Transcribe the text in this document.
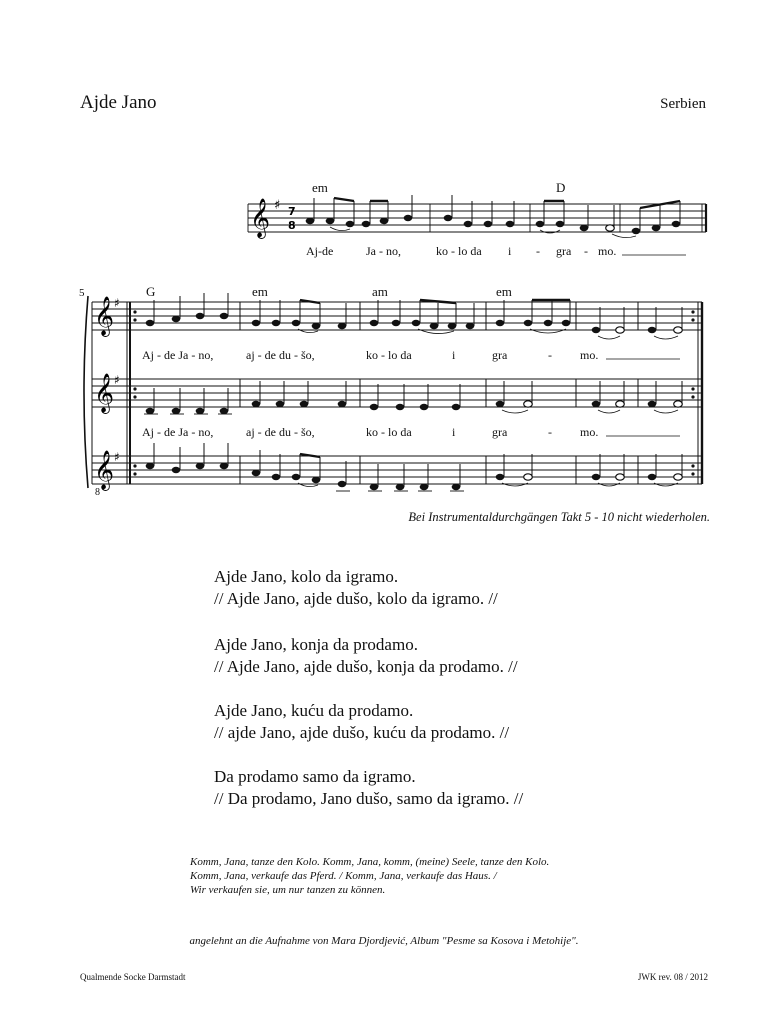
Ajde Jano	Serbien
𝄞 ♯ 7
8
𝄞
𝄞
𝄞
♯
♯
♯
em	D
Aj-de	Ja - no,	ko - lo da i - gra - mo.
5	G	em	am	em
Aj - de Ja - no,	aj - de du - šo,	ko - lo da	i	gra	- mo.
Aj - de Ja - no,	aj - de du - šo,	ko - lo da	i	gra	- mo.
8
Bei Instrumentaldurchgängen Takt 5 - 10 nicht wiederholen.
Ajde Jano, kolo da igramo.
// Ajde Jano, ajde dušo, kolo da igramo. //
Ajde Jano, konja da prodamo.
// Ajde Jano, ajde dušo, konja da prodamo. //
Ajde Jano, kuću da prodamo.
// ajde Jano, ajde dušo, kuću da prodamo. //
Da prodamo samo da igramo.
// Da prodamo, Jano dušo, samo da igramo. //
Komm, Jana, tanze den Kolo. Komm, Jana, komm, (meine) Seele, tanze den Kolo.
Komm, Jana, verkaufe das Pferd. / Komm, Jana, verkaufe das Haus. /
Wir verkaufen sie, um nur tanzen zu können.
angelehnt an die Aufnahme von Mara Djordjević, Album "Pesme sa Kosova i Metohije".
Qualmende Socke Darmstadt	JWK rev. 08 / 2012
